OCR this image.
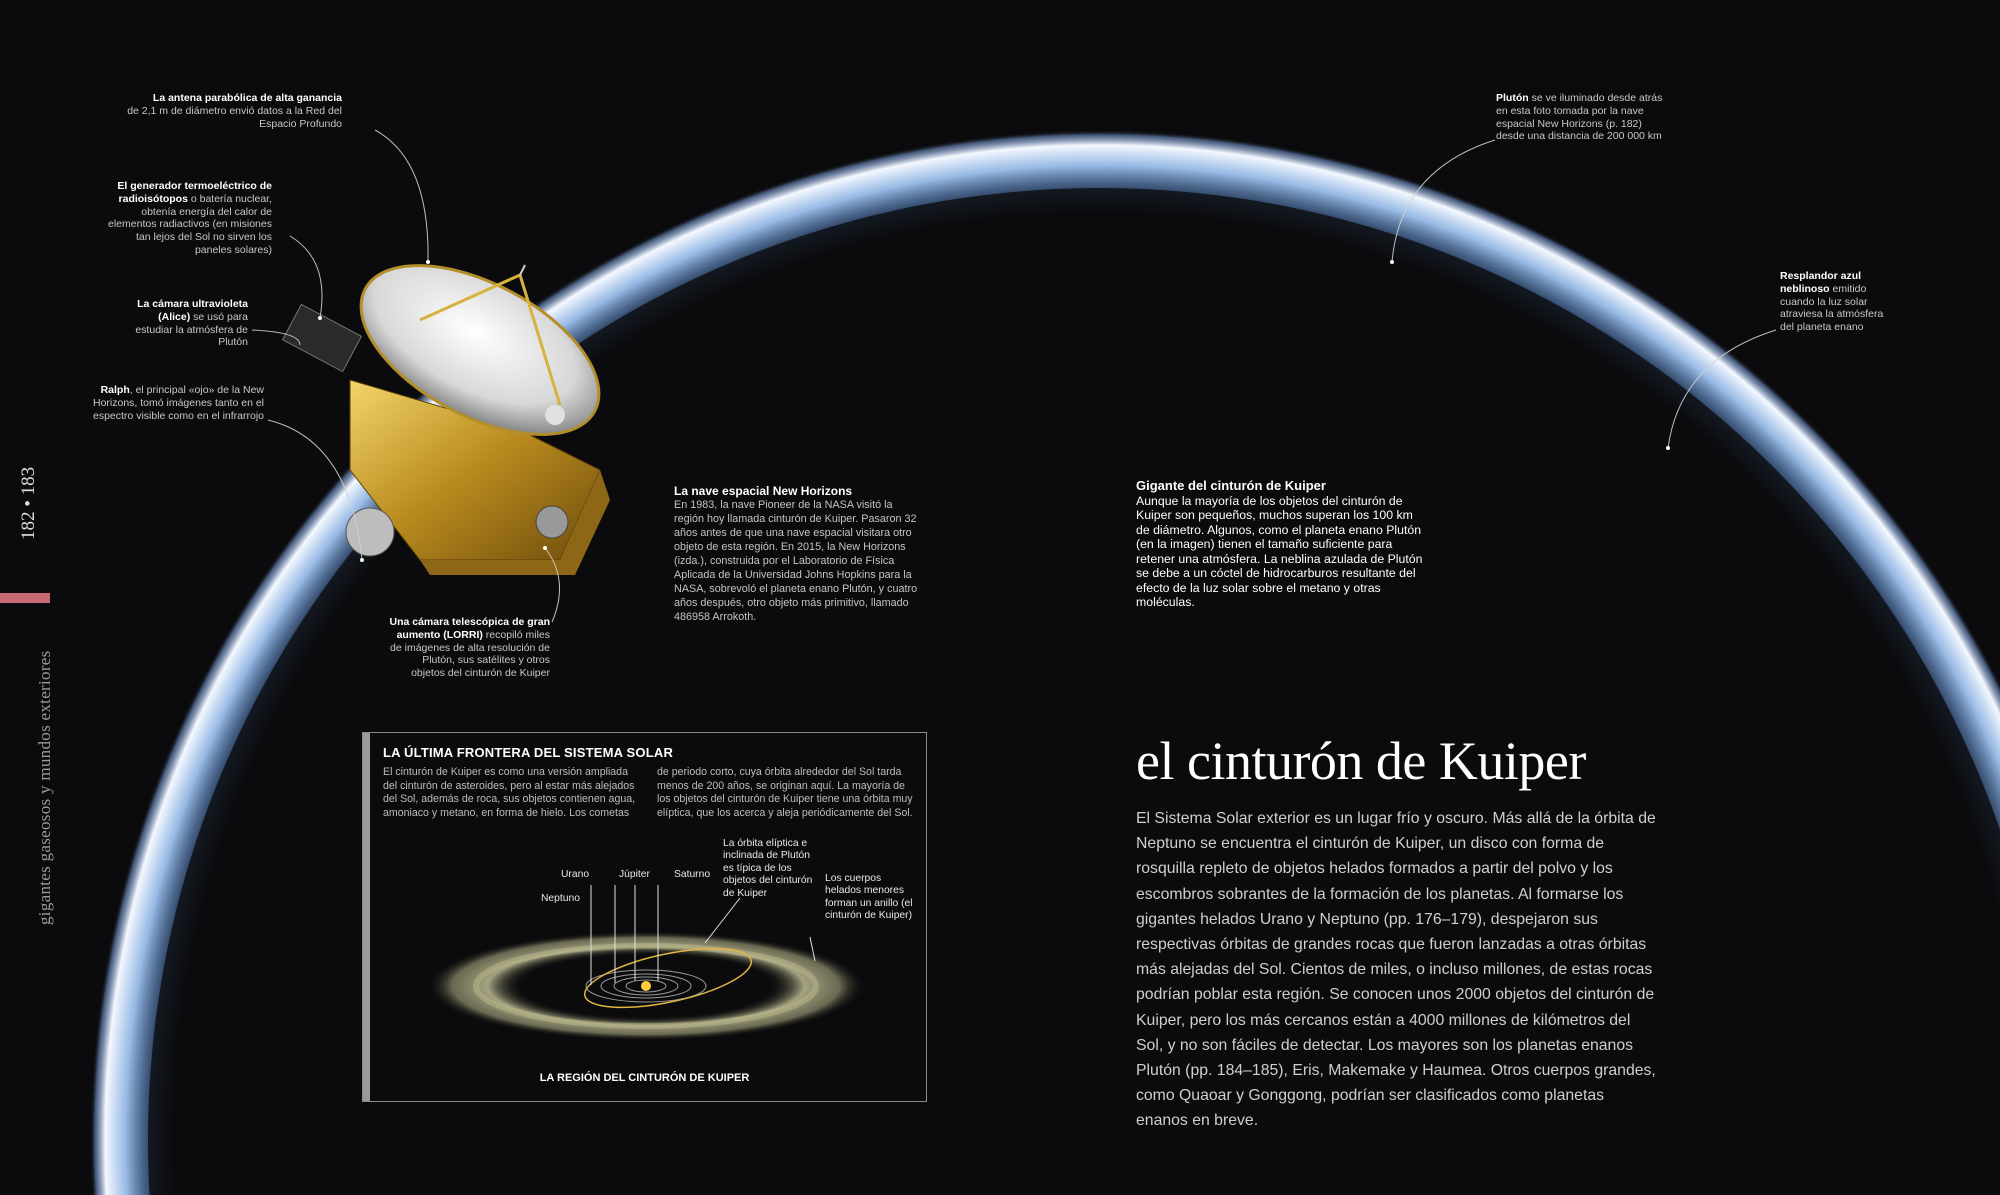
182 • 183
gigantes gaseosos y mundos exteriores
La antena parabólica de alta ganancia
de 2,1 m de diámetro envió datos a la Red del Espacio Profundo
El generador termoeléctrico de radioisótopos o batería nuclear, obtenía energía del calor de elementos radiactivos (en misiones tan lejos del Sol no sirven los paneles solares)
La cámara ultravioleta (Alice) se usó para estudiar la atmósfera de Plutón
Ralph, el principal «ojo» de la New Horizons, tomó imágenes tanto en el espectro visible como en el infrarrojo
Una cámara telescópica de gran aumento (LORRI) recopiló miles de imágenes de alta resolución de Plutón, sus satélites y otros objetos del cinturón de Kuiper
Plutón se ve iluminado desde atrás en esta foto tomada por la nave espacial New Horizons (p. 182) desde una distancia de 200 000 km
Resplandor azul neblinoso emitido cuando la luz solar atraviesa la atmósfera del planeta enano
La nave espacial New Horizons
En 1983, la nave Pioneer de la NASA visitó la región hoy llamada cinturón de Kuiper. Pasaron 32 años antes de que una nave espacial visitara otro objeto de esta región. En 2015, la New Horizons (izda.), construida por el Laboratorio de Física Aplicada de la Universidad Johns Hopkins para la NASA, sobrevoló el planeta enano Plutón, y cuatro años después, otro objeto más primitivo, llamado 486958 Arrokoth.
Gigante del cinturón de Kuiper
Aunque la mayoría de los objetos del cinturón de Kuiper son pequeños, muchos superan los 100 km de diámetro. Algunos, como el planeta enano Plutón (en la imagen) tienen el tamaño suficiente para retener una atmósfera. La neblina azulada de Plutón se debe a un cóctel de hidrocarburos resultante del efecto de la luz solar sobre el metano y otras moléculas.
el cinturón de Kuiper
El Sistema Solar exterior es un lugar frío y oscuro. Más allá de la órbita de Neptuno se encuentra el cinturón de Kuiper, un disco con forma de rosquilla repleto de objetos helados formados a partir del polvo y los escombros sobrantes de la formación de los planetas. Al formarse los gigantes helados Urano y Neptuno (pp. 176–179), despejaron sus respectivas órbitas de grandes rocas que fueron lanzadas a otras órbitas más alejadas del Sol. Cientos de miles, o incluso millones, de estas rocas podrían poblar esta región. Se conocen unos 2000 objetos del cinturón de Kuiper, pero los más cercanos están a 4000 millones de kilómetros del Sol, y no son fáciles de detectar. Los mayores son los planetas enanos Plutón (pp. 184–185), Eris, Makemake y Haumea. Otros cuerpos grandes, como Quaoar y Gonggong, podrían ser clasificados como planetas enanos en breve.
LA ÚLTIMA FRONTERA DEL SISTEMA SOLAR
El cinturón de Kuiper es como una versión ampliada del cinturón de asteroides, pero al estar más alejados del Sol, además de roca, sus objetos contienen agua, amoniaco y metano, en forma de hielo. Los cometas
de periodo corto, cuya órbita alrededor del Sol tarda menos de 200 años, se originan aquí. La mayoría de los objetos del cinturón de Kuiper tiene una órbita muy elíptica, que los acerca y aleja periódicamente del Sol.
Urano	Júpiter Saturno
Neptuno
La órbita elíptica e inclinada de Plutón es típica de los objetos del cinturón de Kuiper
Los cuerpos helados menores forman un anillo (el cinturón de Kuiper)
LA REGIÓN DEL CINTURÓN DE KUIPER
